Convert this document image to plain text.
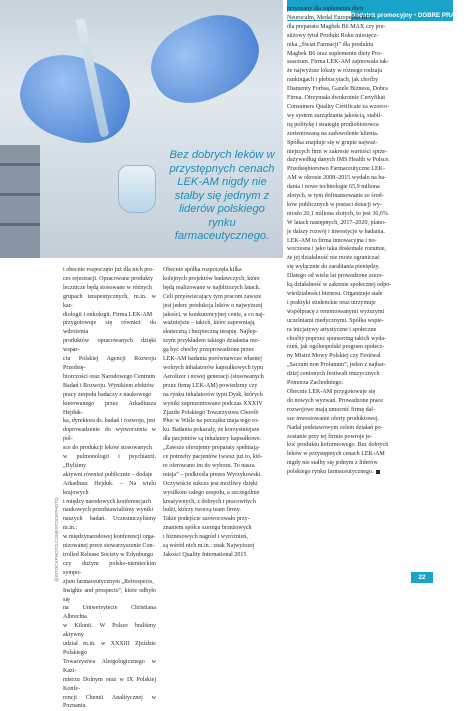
Dodatek promocyjny • DOBRE PRAKTYKI

Bez dobrych leków w przystępnych cenach LEK-AM nigdy nie stałby się jednym z liderów polskiego rynku farmaceutycznego.

i obecnie rozpoczęto już dla nich pro-
ces rejestracji. Opracowane produkty
lecznicze będą stosowane w różnych
grupach terapeutycznych, m.in. w kar-
diologii i onkologii. Firma LEK-AM
przygotowuje się również do wdrożenia
produktów opracowanych dzięki wspar-
ciu Polskiej Agencji Rozwoju Przedsię-
biorczości oraz Narodowego Centrum
Badań i Rozwoju. Wynikiem efektów
pracy zespołu badaczy z naukowego
kierowanego przez Arkadiusza Hejduk-
ka, dyrektora ds. badań i rozwoju, jest
doprowadzenie do wytworzenia w pol-
sce do produkcji leków stosowanych
w pulmonologii i psychiatrii. „Byliśmy
aktywni również publicznie – dodaje
Arkadiusz Hejduk. – Na wielu krajowych
i między narodowych konferencjach
naukowych przedstawialiśmy wyniki
naszych badań. Uczestniczyliśmy m.in.:
w międzynarodowej konferencji orga-
nizowanej przez stowarzyszenie Con-
trolled Release Society w Edynburgu
czy dużym polsko-niemieckim sympo-
zjum farmaceutycznym „Retrospects,
Insights and prospects”, które odbyło się
na Uniwersytecie Christiana Albrechta
w Kilonii. W Polsce braliśmy aktywny
udział m.in. w XXXIII Zjeździe Polskiego
Towarzystwa Alergologicznego w Kazi-
mierzu Dolnym oraz w IX Polskiej Konfe-
rencji Chemii Analitycznej w Poznaniu.
Obecnie spółka rozpoczęła kilka
kolejnych projektów badawczych, które
będą realizowane w najbliższych latach.
Celi przyświecający tym pracom zawsze
jest jeden: produkcja leków o najwyższej
jakości, w konkurencyjnej cenie, a co naj-
ważniejsze – takich, które zapewniają
skuteczną i bezpieczną terapię. Najlep-
szym przykładem takiego działania mo-
gą być choćby przeprowadzone przez
LEK-AM badania porównawcze własnej
wolnych inhalatorów kapsułkowych typu
Aerolizer i nowej generacji (stosowanych
przez firmę LEK-AM) powiedzmy czy
na rynku inhalatorów typu Dysk, których
wyniki zaprezentowano podczas XXXIV
Zjazdu Polskiego Towarzystwa Chorób
Płuc w Wiśle na początku maja tego ro-
ku. Badania pokazały, że korzystniejsze
dla pacjentów są inhalatory kapsułkowe.
„Zawsze oferujemy preparaty spełniają-
ce potrzeby pacjentów (wiesz już to, któ-
re oferowano im do wyboru. To nasza
misja” – podkreśla prezes Wyrzykowski.
Oczywiście sukces jest możliwy dzięki
wysiłkom całego zespołu, a szczególnie
kreatywnych, z dobrych i pracowitych
ludzi, którzy tworzą team firmy.
Takie podejście zaowocowało przy-
znaniem spółce szeregu branżowych
i biznesowych nagród i wyróżnień,
są wśród nich m.in.: znak Najwyższej
Jakości Quality International 2015
przyznany dla suplementu diety
Neurocalm, Medal Europejski BCC
dla preparatu Magbek B6 MAX czy pre-
stiżowy tytuł Produkt Roku miesięcz-
nika „Świat Farmacji” dla produktu
Magbek B6 oraz suplementu diety Pro-
seaceum. Firma LEK-AM zajmowała tak-
że najwyższe lokaty w różnego rodzaju
rankingach i plebiscytach, jak choćby
Diamenty Forbsa, Gazele Biznesu, Dobra
Firma. Otrzymała dwukrotnie Certyfikat
Consumers Quality Certificate za wzorco-
wy system zarządzania jakością, stabil-
ną politykę i strategię prodiobiotowca
zorientowaną na zadowolenie klienta.
Spółka znajduje się w grupie najważ-
niejszych firm w zakresie wartości sprze-
dażywedług danych IMS Health w Polsce.
Przedsiębiorstwo Farmaceutyczne LEK-
AM w okresie 2008–2015 wydało na ba-
dania i nowe technologie 65,9 miliona
złotych, w tym dofinansowanie ze środ-
ków publicznych w postaci dotacji wy-
niosło 20,1 miliona złotych, to jest 30,6%.
W latach następnych, 2017–2020, plano-
je dalszy rozwój i inwestycje w badania.
LEK-AM to firma innowacyjna i no-
woczesna i jako taka doskonale rozumie,
że jej działalność nie może ograniczać
się wyłącznie do zarabiania pieniędzy.
Dlatego od wielu lat prowadzone szero-
ką działalność w zakresie społecznej odpo-
wiedzialności biznesu. Organizuje stałe
i praktyki studenckie oraz utrzymuje
współpracę z renomowanymi wyższymi
uczelniami medycznymi. Spółka wspie-
ra inicjatywy artystyczne i społeczne
choćby poprzez sponsoring takich wyda-
rzeń, jak ogólnopolski program społecz-
ny Mistrz Mowy Polskiej czy Festiwal
„Sacrum non Profanum”, jeden z najbar-
dziej cenionych festiwali muzycznych
Pomorza Zachodniego.
Obecnie LEK-AM przygotowuje się
do nowych wyzwań. Prowadzone prace
rozwojowe mają umocnić firmę dal-
sze inwestowanie oferty produktowej.
Nadal podstawowym celem działań po-
zostanie przy tej firmie powroje je-
koć produktu koformowego. Bez dobrych
leków w przystępnych cenach LEK-AM
nigdy nie stałby się jednym z liderów
polskiego rynku farmaceutycznego.
@ISTOCKPHOTO.COM/ISTOCKPHOTO	22
